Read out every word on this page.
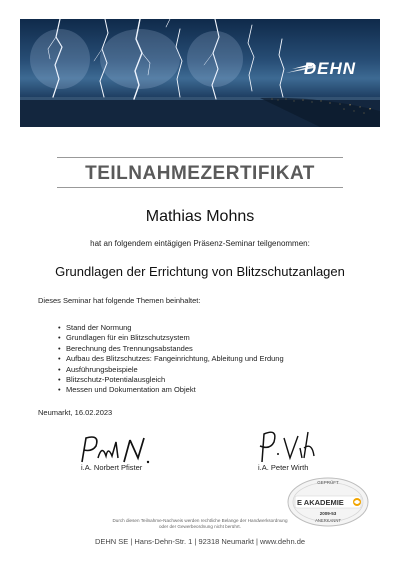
DEHN
TEILNAHMEZERTIFIKAT
Mathias Mohns
hat an folgendem eintägigen Präsenz-Seminar teilgenommen:
Grundlagen der Errichtung von Blitzschutzanlagen
Dieses Seminar hat folgende Themen beinhaltet:
• Stand der Normung
• Grundlagen für ein Blitzschutzsystem
• Berechnung des Trennungsabstandes
• Aufbau des Blitzschutzes: Fangeinrichtung, Ableitung und Erdung
• Ausführungsbeispiele
• Blitzschutz-Potentialausgleich
• Messen und Dokumentation am Objekt
Neumarkt, 16.02.2023
i.A. Norbert Pfister	i.A. Peter Wirth
GEPRÜFT
E AKADEMIE
2009-53
ANERKANNT
Durch diesen Teilnahme-Nachweis werden rechtliche Belange der Handwerksordnung oder der Gewerbeordnung nicht berührt.
DEHN SE | Hans-Dehn-Str. 1 | 92318 Neumarkt | www.dehn.de
